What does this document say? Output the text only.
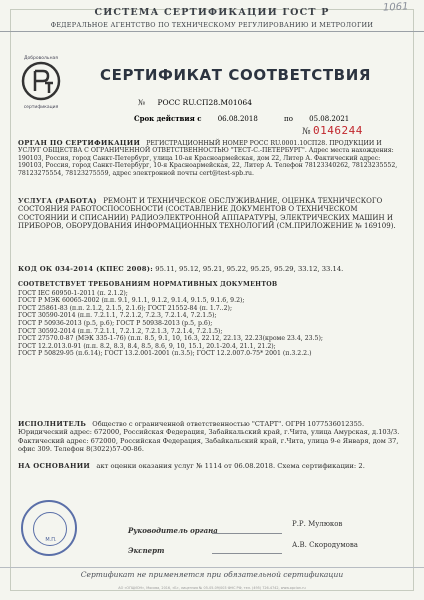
1061
СИСТЕМА СЕРТИФИКАЦИИ ГОСТ Р
ФЕДЕРАЛЬНОЕ АГЕНТСТВО ПО ТЕХНИЧЕСКОМУ РЕГУЛИРОВАНИЮ И МЕТРОЛОГИИ
Добровольная
сертификация
СЕРТИФИКАТ СООТВЕТСТВИЯ
№ РОСС RU.СП28.М01064
Срок действия с 06.08.2018	по 05.08.2021
№ 0146244
ОРГАН ПО СЕРТИФИКАЦИИ РЕГИСТРАЦИОННЫЙ НОМЕР РОСС RU.0001.10СП28. ПРОДУКЦИИ И УСЛУГ ОБЩЕСТВА С ОГРАНИЧЕННОЙ ОТВЕТСТВЕННОСТЬЮ "ТЕСТ-С.-ПЕТЕРБУРГ". Адрес места нахождения: 190103, Россия, город Санкт-Петербург, улица 10-ая Красноармейская, дом 22, Литер А. Фактический адрес: 190103, Россия, город Санкт-Петербург, 10-я Красноармейская, 22, Литер А. Телефон 78123340262, 78123235552, 78123275554, 78123275559, адрес электронной почты cert@test-spb.ru.
УСЛУГА (РАБОТА) РЕМОНТ И ТЕХНИЧЕСКОЕ ОБСЛУЖИВАНИЕ, ОЦЕНКА ТЕХНИЧЕСКОГО СОСТОЯНИЯ РАБОТОСПОСОБНОСТИ (СОСТАВЛЕНИЕ ДОКУМЕНТОВ О ТЕХНИЧЕСКОМ СОСТОЯНИИ И СПИСАНИИ) РАДИОЭЛЕКТРОННОЙ АППАРАТУРЫ, ЭЛЕКТРИЧЕСКИХ МАШИН И ПРИБОРОВ, ОБОРУДОВАНИЯ ИНФОРМАЦИОННЫХ ТЕХНОЛОГИЙ (СМ.ПРИЛОЖЕНИЕ № 169109).
КОД ОК 034-2014 (КПЕС 2008): 95.11, 95.12, 95.21, 95.22, 95.25, 95.29, 33.12, 33.14.
СООТВЕТСТВУЕТ ТРЕБОВАНИЯМ НОРМАТИВНЫХ ДОКУМЕНТОВ
ГОСТ IEC 60950-1-2011 (п. 2.1.2);
ГОСТ Р МЭК 60065-2002 (п.п. 9.1, 9.1.1, 9.1.2, 9.1.4, 9.1.5, 9.1.6, 9.2);
ГОСТ 25861-83 (п.п. 2.1.2, 2.1.5, 2.1.6); ГОСТ 21552-84 (п. 1.7..2);
ГОСТ 30590-2014 (п.п. 7.2.1.1, 7.2.1.2, 7.2.3, 7.2.1.4, 7.2.1.5);
ГОСТ Р 50936-2013 (р.5, р.6); ГОСТ Р 50938-2013 (р.5, р.6);
ГОСТ 30592-2014 (п.п. 7.2.1.1, 7.2.1.2, 7.2.1.3, 7.2.1.4, 7.2.1.5);
ГОСТ 27570.0-87 (МЭК 335-1-76) (п.п. 8.5, 9.1, 10, 16.3, 22.12, 22.13, 22.23(кроме 23.4, 23.5);
ГОСТ 12.2.013.0-91 (п.п. 8.2, 8.3, 8.4, 8.5, 8.6, 9, 10, 15.1, 20.1-20.4, 21.1, 21.2);
ГОСТ Р 50829-95 (п.6.14); ГОСТ 13.2.001-2001 (п.3.5); ГОСТ 12.2.007.0-75* 2001 (п.3.2.2.)
ИСПОЛНИТЕЛЬ Общество с ограниченной ответственностью "СТАРТ". ОГРН 1077536012355. Юридический адрес: 672000, Российская Федерация, Забайкальский край, г.Чита, улица Амурская, д.103/3. Фактический адрес: 672000, Российская Федерация, Забайкальский край, г.Чита, улица 9-е Января, дом 37, офис 309. Телефон 8(3022)57-00-86.
НА ОСНОВАНИИ акт оценки оказания услуг № 1114 от 06.08.2018. Схема сертификации: 2.
М.П.
Руководитель органа
Р.Р. Мулюков
Эксперт
А.В. Скородумова
Сертификат не применяется при обязательной сертификации
АО «ОПЦИОН», Москва, 2016, «Б», лицензия № 05-05-09/003 ФНС РФ, тел. (495) 726-4742, www.opcion.ru
